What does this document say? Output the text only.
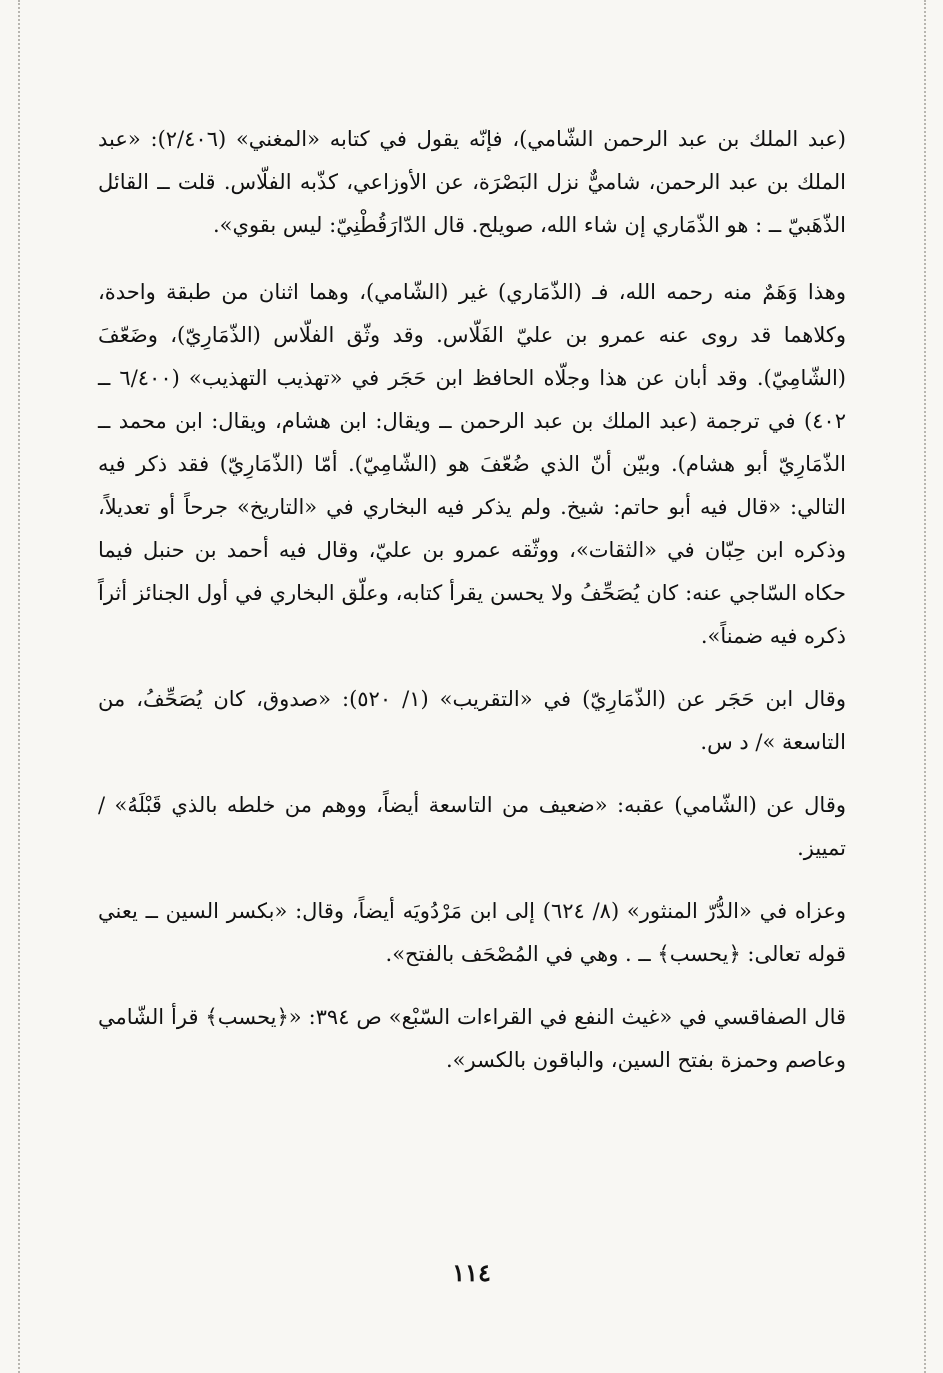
(عبد الملك بن عبد الرحمن الشّامي)، فإنّه يقول في كتابه «المغني» (٢/٤٠٦): «عبد الملك بن عبد الرحمن، شاميٌّ نزل البَصْرَة، عن الأوزاعي، كذّبه الفلّاس. قلت ــ القائل الذّهَبيّ ــ : هو الذّمَاري إن شاء الله، صويلح. قال الدّارَقُطْنِيّ: ليس بقوي».

وهذا وَهَمٌ منه رحمه الله، فـ (الذّمَاري) غير (الشّامي)، وهما اثنان من طبقة واحدة، وكلاهما قد روى عنه عمرو بن عليّ الفَلّاس. وقد وثّق الفلّاس (الذّمَارِيّ)، وضَعّفَ (الشّامِيّ). وقد أبان عن هذا وجلّاه الحافظ ابن حَجَر في «تهذيب التهذيب» (٦/٤٠٠ ــ ٤٠٢) في ترجمة (عبد الملك بن عبد الرحمن ــ ويقال: ابن هشام، ويقال: ابن محمد ــ الذّمَارِيّ أبو هشام). وبيّن أنّ الذي ضُعّفَ هو (الشّامِيّ). أمّا (الذّمَارِيّ) فقد ذكر فيه التالي: «قال فيه أبو حاتم: شيخ. ولم يذكر فيه البخاري في «التاريخ» جرحاً أو تعديلاً، وذكره ابن حِبّان في «الثقات»، ووثّقه عمرو بن عليّ، وقال فيه أحمد بن حنبل فيما حكاه السّاجي عنه: كان يُصَحِّفُ ولا يحسن يقرأ كتابه، وعلّق البخاري في أول الجنائز أثراً ذكره فيه ضمناً».

وقال ابن حَجَر عن (الذّمَارِيّ) في «التقريب» (١/ ٥٢٠): «صدوق، كان يُصَحِّفُ، من التاسعة »/ د س.

وقال عن (الشّامي) عقبه: «ضعيف من التاسعة أيضاً، ووهم من خلطه بالذي قَبْلَهُ» / تمييز.

وعزاه في «الدُّرّ المنثور» (٨/ ٦٢٤) إلى ابن مَرْدُويَه أيضاً، وقال: «بكسر السين ــ يعني قوله تعالى: ﴿يحسب﴾ ــ . وهي في المُصْحَف بالفتح».

قال الصفاقسي في «غيث النفع في القراءات السّبْع» ص ٣٩٤: «﴿يحسب﴾ قرأ الشّامي وعاصم وحمزة بفتح السين، والباقون بالكسر».

١١٤
